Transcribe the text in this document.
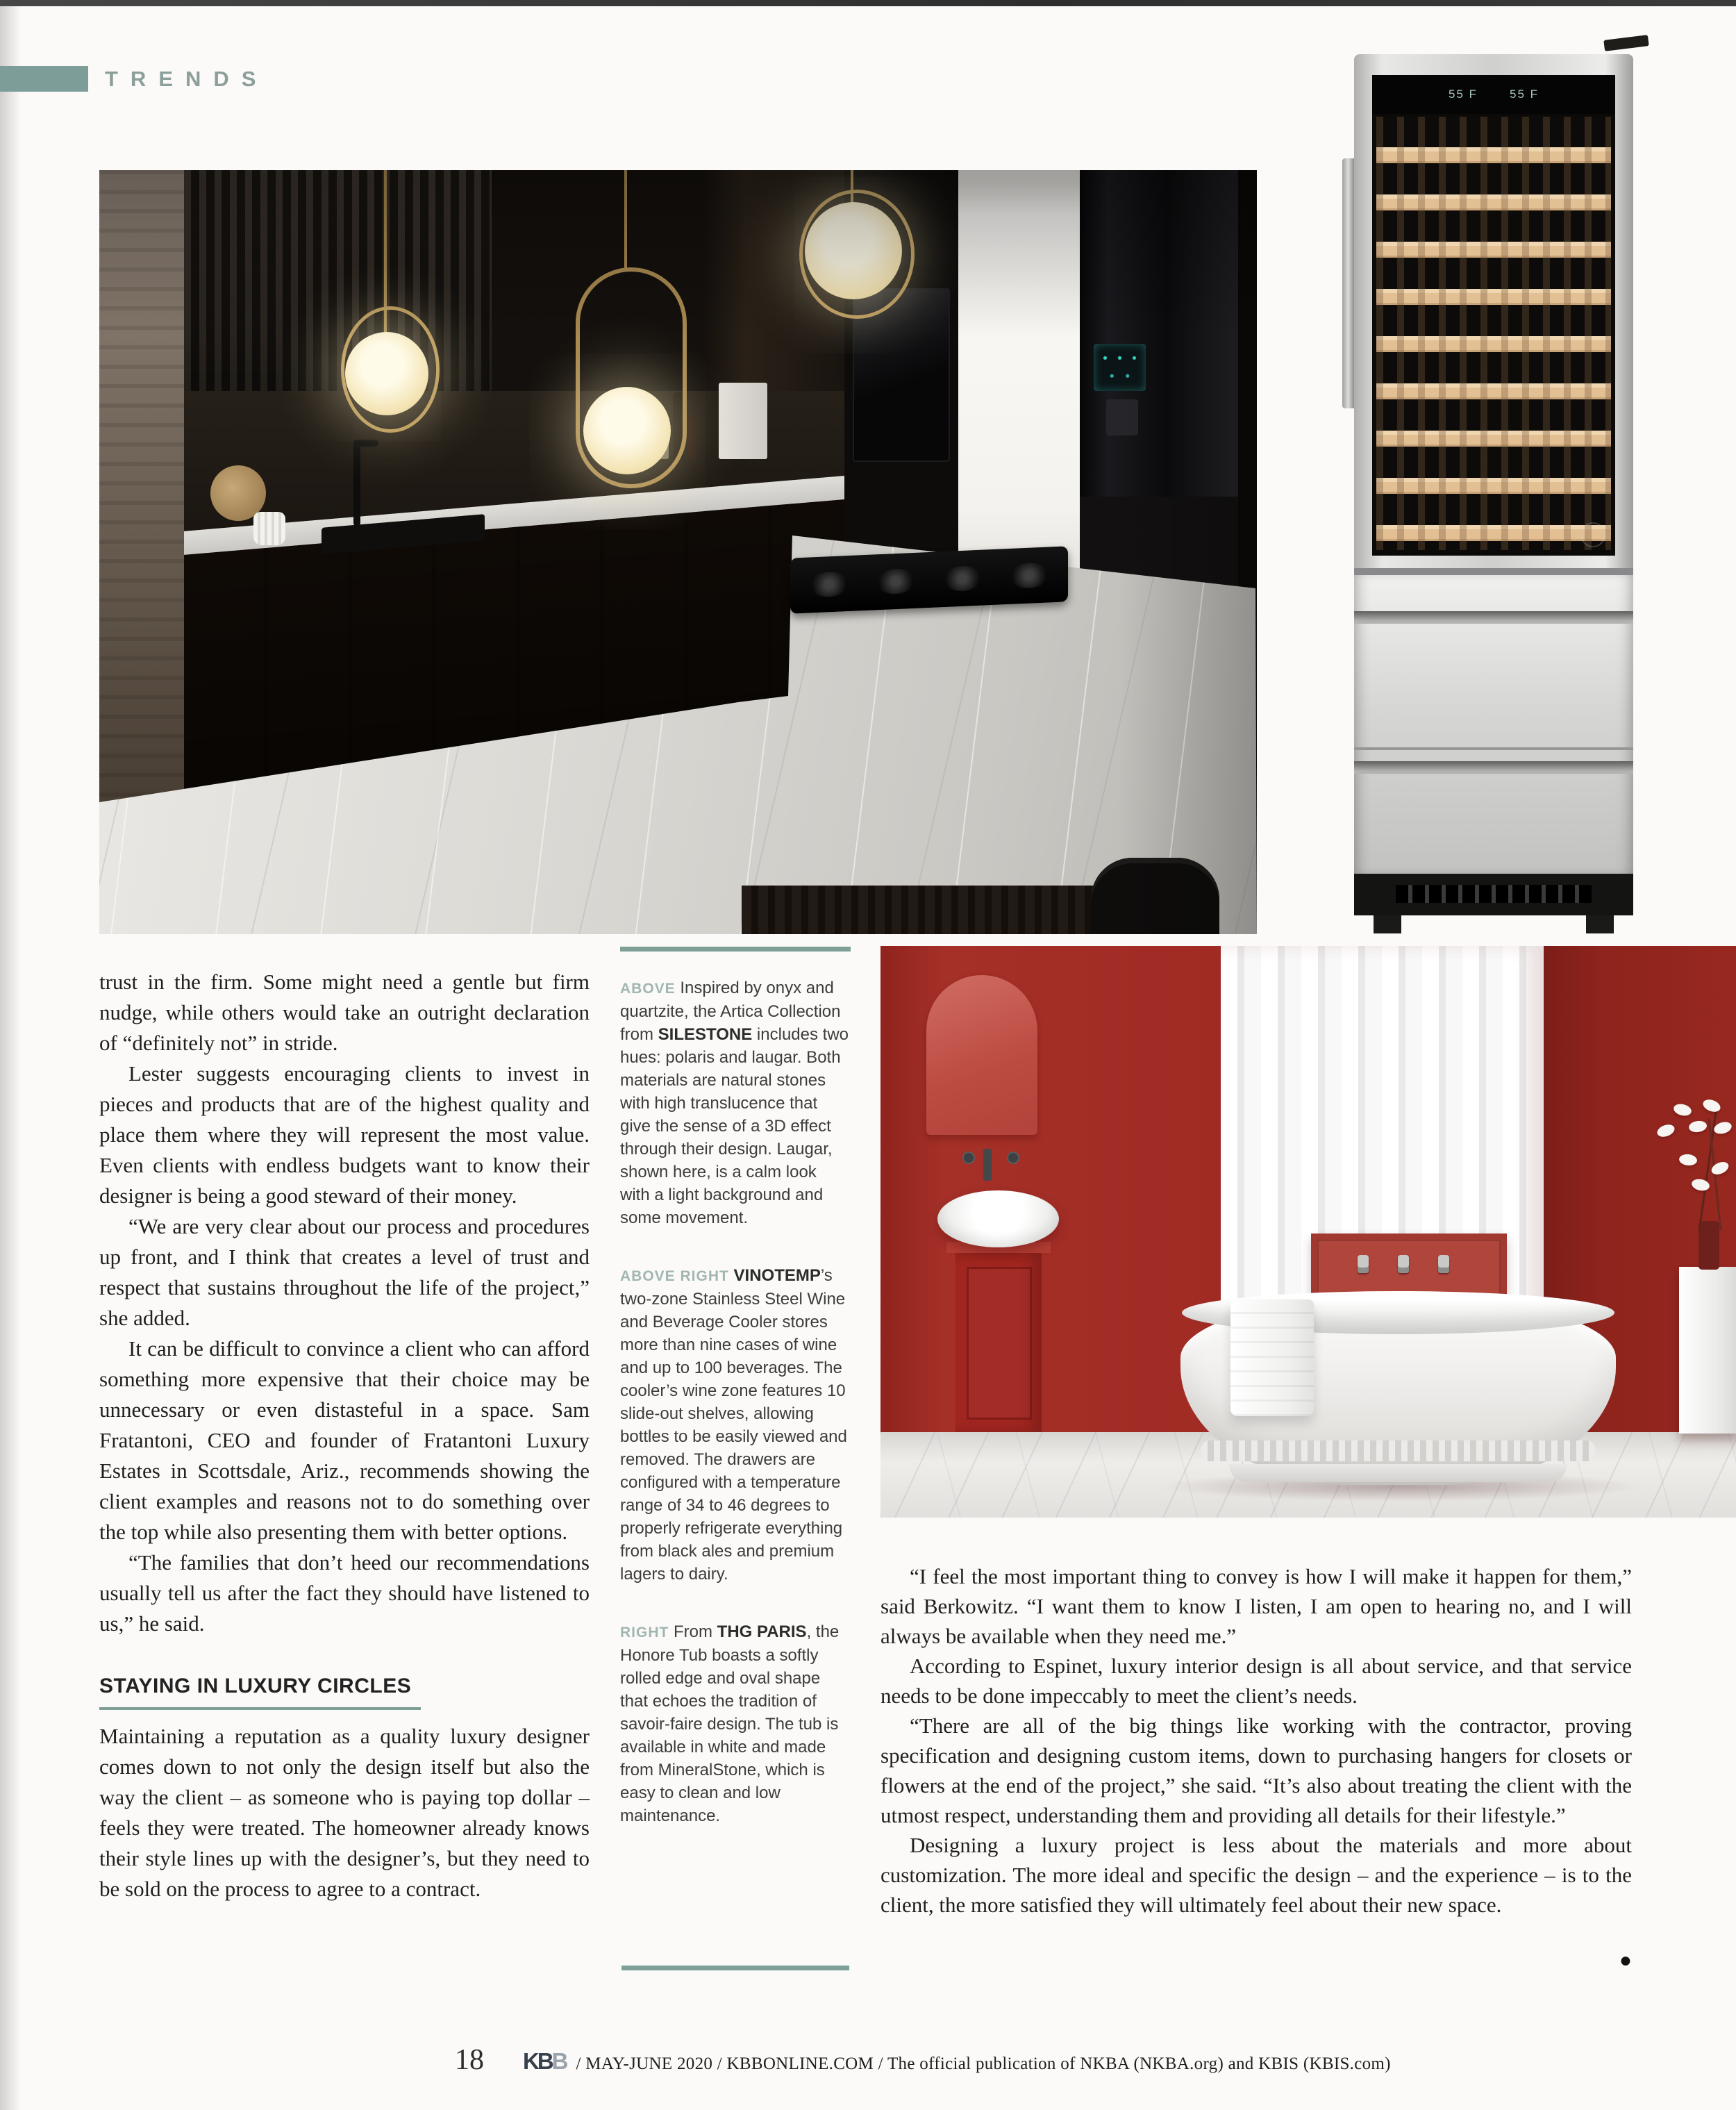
TRENDS
55 F	55 F

trust in the firm. Some might need a gentle but firm nudge, while others would take an outright declaration of “definitely not” in stride.

Lester suggests encouraging clients to invest in pieces and products that are of the highest quality and place them where they will represent the most value. Even clients with endless budgets want to know their designer is being a good steward of their money.

“We are very clear about our process and procedures up front, and I think that creates a level of trust and respect that sustains throughout the life of the project,” she added.

It can be difficult to convince a client who can afford something more expensive that their choice may be unnecessary or even distasteful in a space. Sam Fratantoni, CEO and founder of Fratantoni Luxury Estates in Scottsdale, Ariz., recommends showing the client examples and reasons not to do something over the top while also presenting them with better options.

“The families that don’t heed our recommendations usually tell us after the fact they should have listened to us,” he said.

STAYING IN LUXURY CIRCLES

Maintaining a reputation as a quality luxury designer comes down to not only the design itself but also the way the client – as someone who is paying top dollar – feels they were treated. The homeowner already knows their style lines up with the designer’s, but they need to be sold on the process to agree to a contract.

ABOVE Inspired by onyx and quartzite, the Artica Collection from SILESTONE includes two hues: polaris and laugar. Both materials are natural stones with high translucence that give the sense of a 3D effect through their design. Laugar, shown here, is a calm look with a light background and some movement.
ABOVE RIGHT VINOTEMP’s two-zone Stainless Steel Wine and Beverage Cooler stores more than nine cases of wine and up to 100 beverages. The cooler’s wine zone features 10 slide-out shelves, allowing bottles to be easily viewed and removed. The drawers are configured with a temperature range of 34 to 46 degrees to properly refrigerate everything from black ales and premium lagers to dairy.
RIGHT From THG PARIS, the Honore Tub boasts a softly rolled edge and oval shape that echoes the tradition of savoir-faire design. The tub is available in white and made from MineralStone, which is easy to clean and low maintenance.

“I feel the most important thing to convey is how I will make it happen for them,” said Berkowitz. “I want them to know I listen, I am open to hearing no, and I will always be available when they need me.”

According to Espinet, luxury interior design is all about service, and that service needs to be done impeccably to meet the client’s needs.

“There are all of the big things like working with the contractor, proving specification and designing custom items, down to purchasing hangers for closets or flowers at the end of the project,” she said. “It’s also about treating the client with the utmost respect, understanding them and providing all details for their lifestyle.”

Designing a luxury project is less about the materials and more about customization. The more ideal and specific the design – and the experience – is to the client, the more satisfied they will ultimately feel about their new space.

●
18 KBB / MAY-JUNE 2020 / KBBONLINE.COM / The official publication of NKBA (NKBA.org) and KBIS (KBIS.com)
